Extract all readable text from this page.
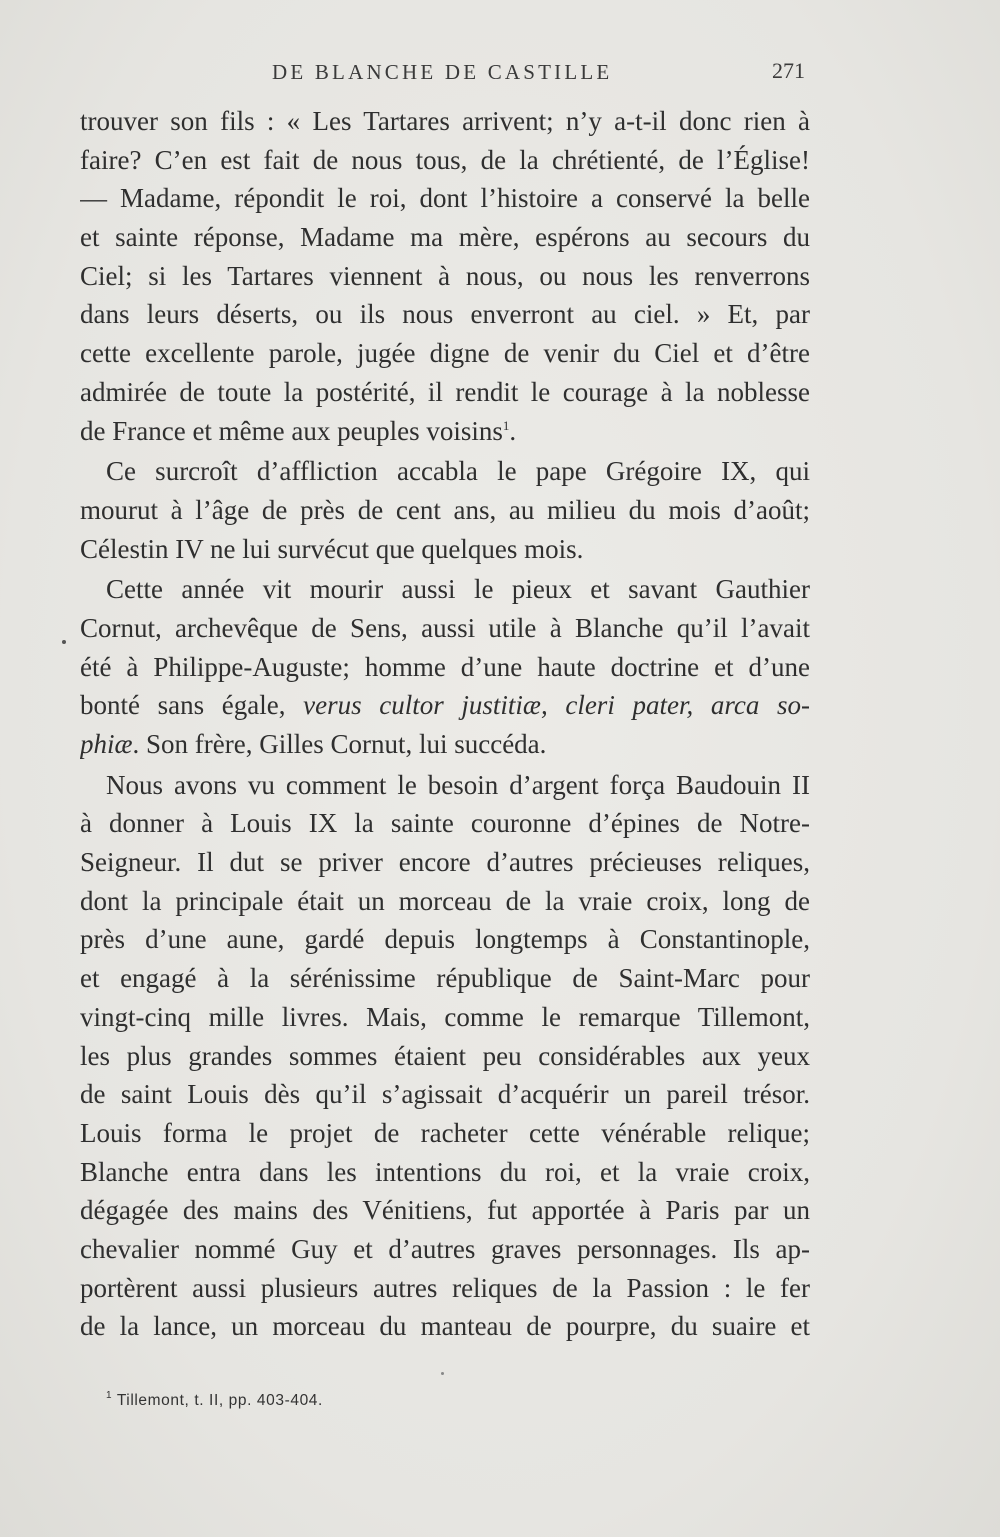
DE BLANCHE DE CASTILLE	271
trouver son fils : « Les Tartares arrivent; n’y a-t-il donc rien à
faire? C’en est fait de nous tous, de la chrétienté, de l’Église!
— Madame, répondit le roi, dont l’histoire a conservé la belle
et sainte réponse, Madame ma mère, espérons au secours du
Ciel; si les Tartares viennent à nous, ou nous les renverrons
dans leurs déserts, ou ils nous enverront au ciel. » Et, par
cette excellente parole, jugée digne de venir du Ciel et d’être
admirée de toute la postérité, il rendit le courage à la noblesse
de France et même aux peuples voisins$^1$.
Ce surcroît d’affliction accabla le pape Grégoire IX, qui
mourut à l’âge de près de cent ans, au milieu du mois d’août;
Célestin IV ne lui survécut que quelques mois.
Cette année vit mourir aussi le pieux et savant Gauthier
Cornut, archevêque de Sens, aussi utile à Blanche qu’il l’avait
été à Philippe-Auguste; homme d’une haute doctrine et d’une
bonté sans égale, verus cultor justitiæ, cleri pater, arca so-
phiæ. Son frère, Gilles Cornut, lui succéda.
Nous avons vu comment le besoin d’argent força Baudouin II
à donner à Louis IX la sainte couronne d’épines de Notre-
Seigneur. Il dut se priver encore d’autres précieuses reliques,
dont la principale était un morceau de la vraie croix, long de
près d’une aune, gardé depuis longtemps à Constantinople,
et engagé à la sérénissime république de Saint-Marc pour
vingt-cinq mille livres. Mais, comme le remarque Tillemont,
les plus grandes sommes étaient peu considérables aux yeux
de saint Louis dès qu’il s’agissait d’acquérir un pareil trésor.
Louis forma le projet de racheter cette vénérable relique;
Blanche entra dans les intentions du roi, et la vraie croix,
dégagée des mains des Vénitiens, fut apportée à Paris par un
chevalier nommé Guy et d’autres graves personnages. Ils ap-
portèrent aussi plusieurs autres reliques de la Passion : le fer
de la lance, un morceau du manteau de pourpre, du suaire et
$^1$ Tillemont, t. II, pp. 403-404.
